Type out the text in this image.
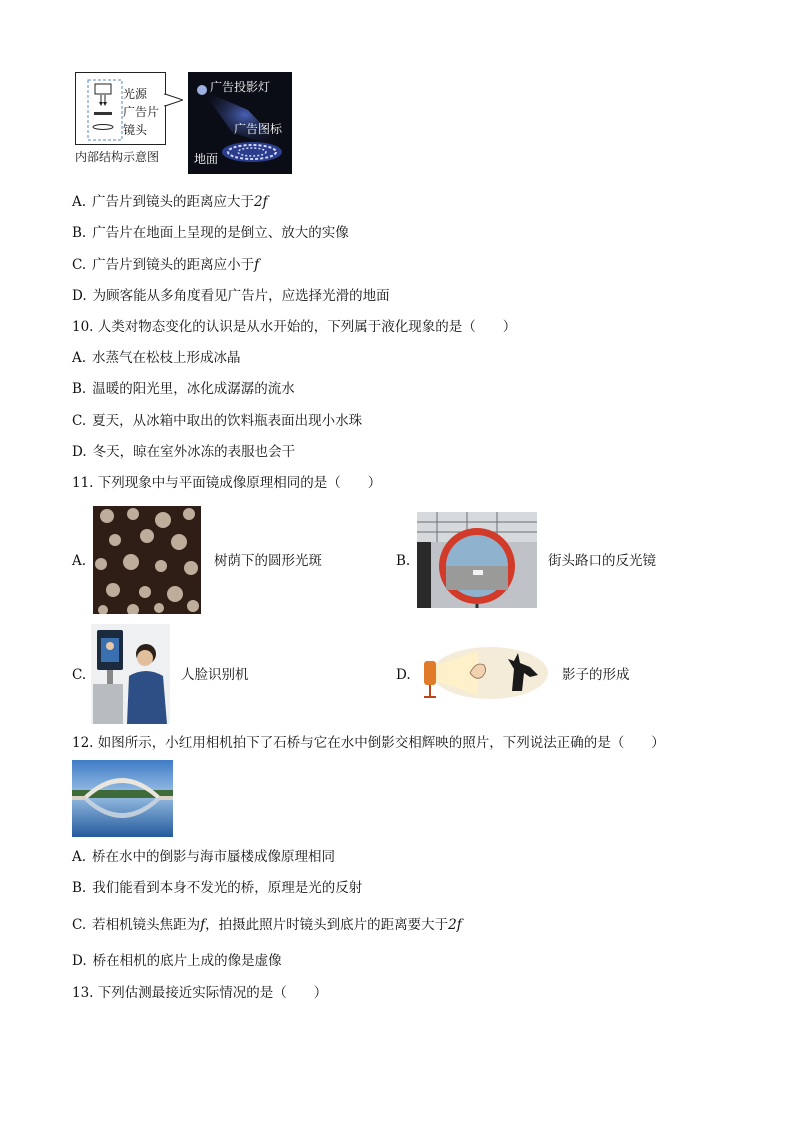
光源
广告片
镜头
内部结构示意图
广告投影灯
广告图标
地面
A. 广告片到镜头的距离应大于2f
B. 广告片在地面上呈现的是倒立、放大的实像
C. 广告片到镜头的距离应小于f
D. 为顾客能从多角度看见广告片，应选择光滑的地面
10. 人类对物态变化的认识是从水开始的，下列属于液化现象的是（　　）
A. 水蒸气在松枝上形成冰晶
B. 温暖的阳光里，冰化成潺潺的流水
C. 夏天，从冰箱中取出的饮料瓶表面出现小水珠
D. 冬天，晾在室外冰冻的表服也会干
11. 下列现象中与平面镜成像原理相同的是（　　）
A.	树荫下的圆形光斑	B.	街头路口的反光镜
C.	人脸识别机	D.	影子的形成
12. 如图所示，小红用相机拍下了石桥与它在水中倒影交相辉映的照片，下列说法正确的是（　　）
A. 桥在水中的倒影与海市蜃楼成像原理相同
B. 我们能看到本身不发光的桥，原理是光的反射
C. 若相机镜头焦距为f，拍摄此照片时镜头到底片的距离要大于2f
D. 桥在相机的底片上成的像是虚像
13. 下列估测最接近实际情况的是（　　）
